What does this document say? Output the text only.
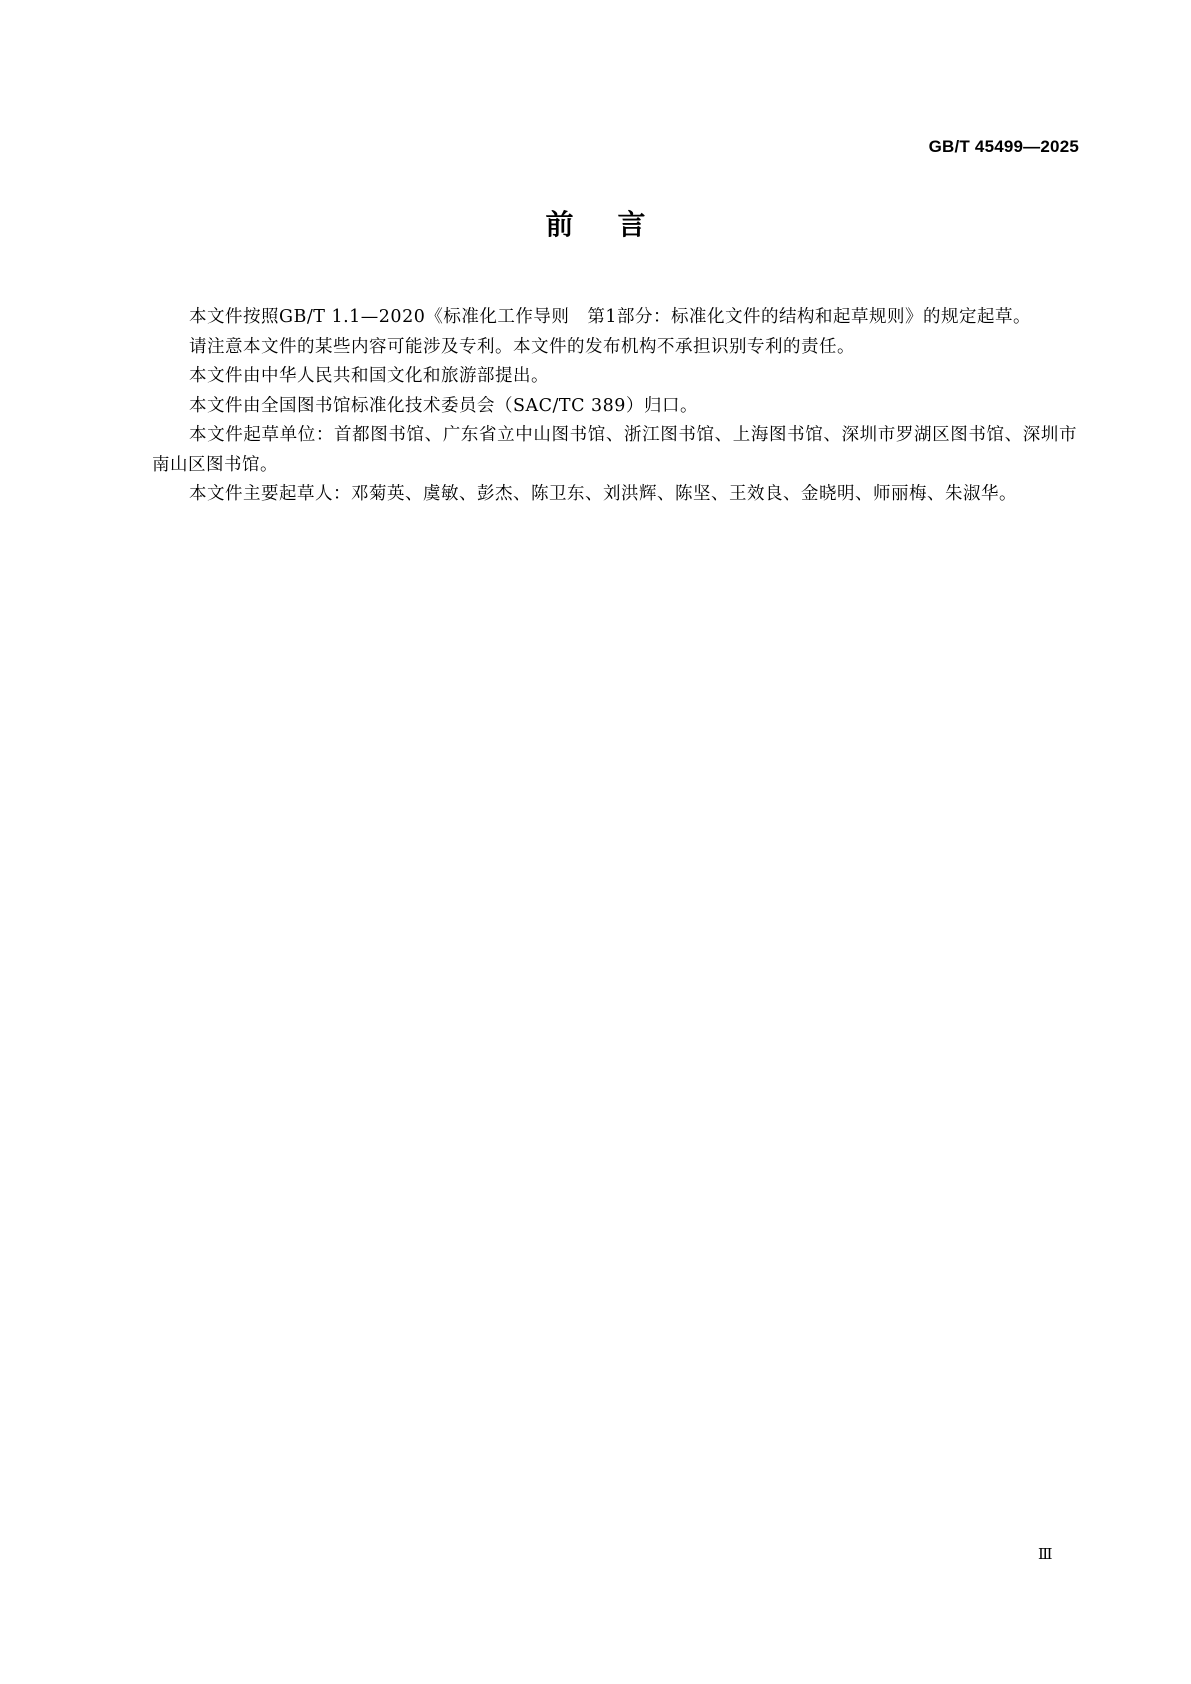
GB/T 45499—2025
前言

本文件按照GB/T 1.1—2020《标准化工作导则　第1部分：标准化文件的结构和起草规则》的规定起草。

请注意本文件的某些内容可能涉及专利。本文件的发布机构不承担识别专利的责任。

本文件由中华人民共和国文化和旅游部提出。

本文件由全国图书馆标准化技术委员会（SAC/TC 389）归口。

本文件起草单位：首都图书馆、广东省立中山图书馆、浙江图书馆、上海图书馆、深圳市罗湖区图书馆、深圳市南山区图书馆。

本文件主要起草人：邓菊英、虞敏、彭杰、陈卫东、刘洪辉、陈坚、王效良、金晓明、师丽梅、朱淑华。

Ⅲ
